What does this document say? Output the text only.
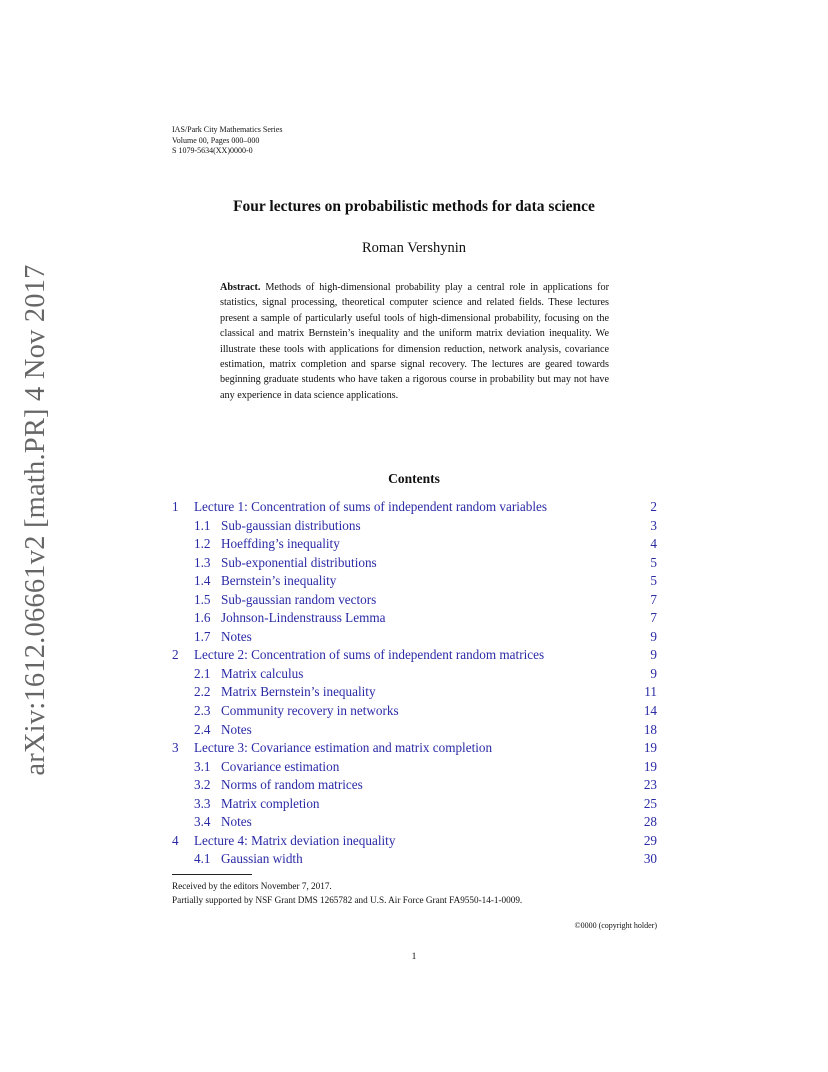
IAS/Park City Mathematics Series
Volume 00, Pages 000–000
S 1079-5634(XX)0000-0
arXiv:1612.06661v2 [math.PR] 4 Nov 2017
Four lectures on probabilistic methods for data science
Roman Vershynin
Abstract. Methods of high-dimensional probability play a central role in applications for statistics, signal processing, theoretical computer science and related fields. These lectures present a sample of particularly useful tools of high-dimensional probability, focusing on the classical and matrix Bernstein’s inequality and the uniform matrix deviation inequality. We illustrate these tools with applications for dimension reduction, network analysis, covariance estimation, matrix completion and sparse signal recovery. The lectures are geared towards beginning graduate students who have taken a rigorous course in probability but may not have any experience in data science applications.
Contents
1 Lecture 1: Concentration of sums of independent random variables	2
1.1 Sub-gaussian distributions	3
1.2 Hoeffding’s inequality	4
1.3 Sub-exponential distributions	5
1.4 Bernstein’s inequality	5
1.5 Sub-gaussian random vectors	7
1.6 Johnson-Lindenstrauss Lemma	7
1.7 Notes	9
2 Lecture 2: Concentration of sums of independent random matrices	9
2.1 Matrix calculus	9
2.2 Matrix Bernstein’s inequality	11
2.3 Community recovery in networks	14
2.4 Notes	18
3 Lecture 3: Covariance estimation and matrix completion	19
3.1 Covariance estimation	19
3.2 Norms of random matrices	23
3.3 Matrix completion	25
3.4 Notes	28
4 Lecture 4: Matrix deviation inequality	29
4.1 Gaussian width	30
Received by the editors November 7, 2017.
Partially supported by NSF Grant DMS 1265782 and U.S. Air Force Grant FA9550-14-1-0009.
©0000 (copyright holder)
1
